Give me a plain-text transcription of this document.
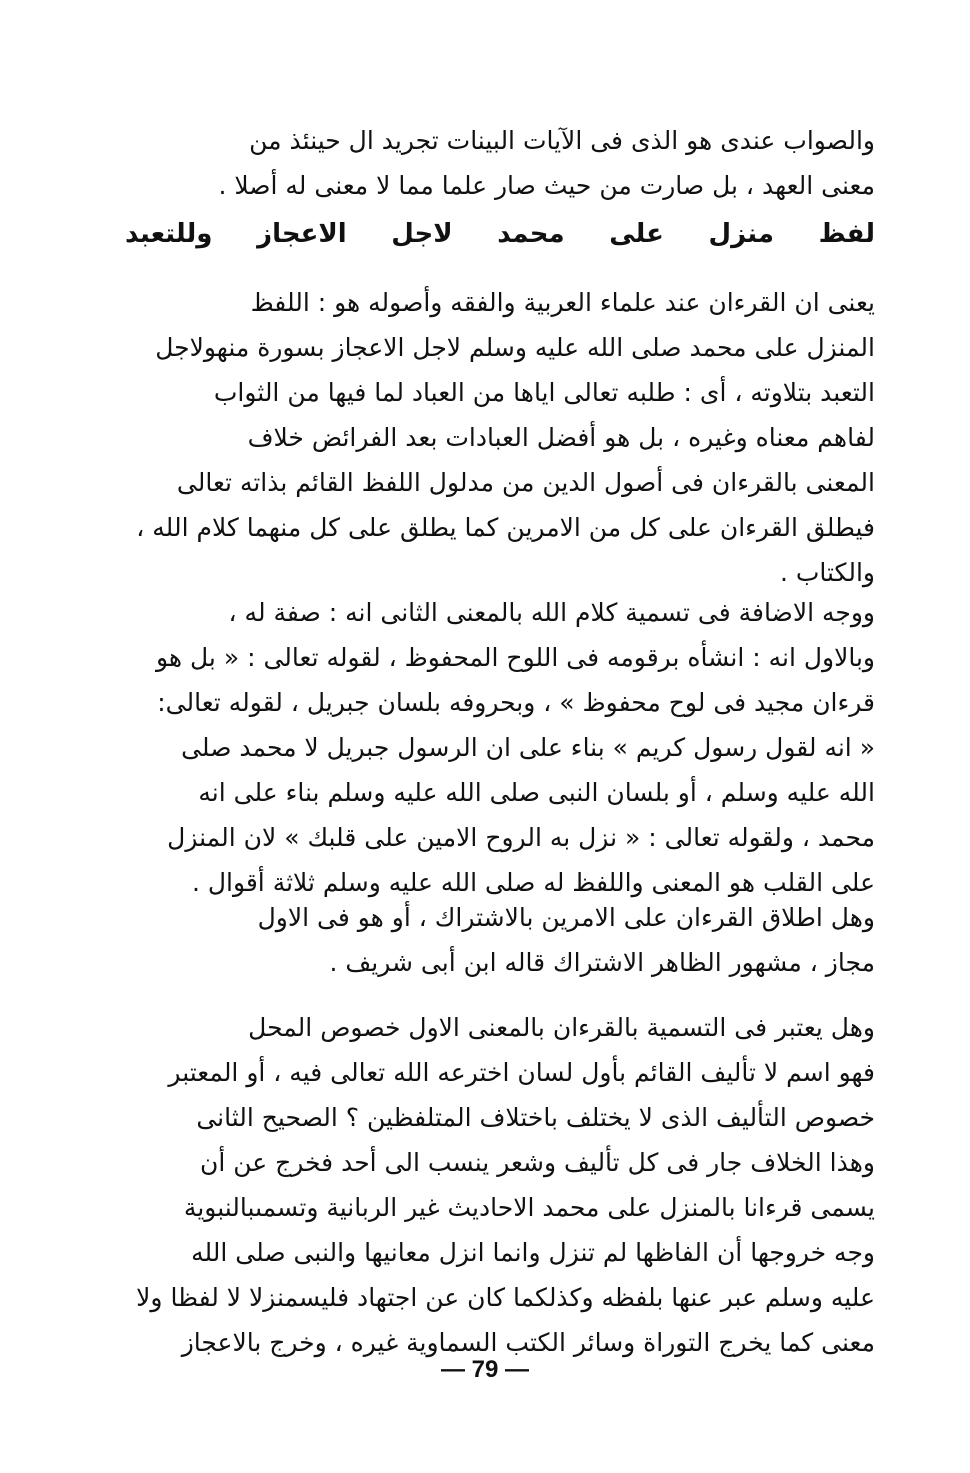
والصواب عندى هو الذى فى الآيات البينات تجريد ال حينئذ من
معنى العهد ، بل صارت من حيث صار علما مما لا معنى له أصلا .
لفظ منزل على محمد لاجل الاعجاز وللتعبد
يعنى ان القرءان عند علماء العربية والفقه وأصوله هو : اللفظ
المنزل على محمد صلى الله عليه وسلم لاجل الاعجاز بسورة منهولاجل
التعبد بتلاوته ، أى : طلبه تعالى اياها من العباد لما فيها من الثواب
لفاهم معناه وغيره ، بل هو أفضل العبادات بعد الفرائض خلاف
المعنى بالقرءان فى أصول الدين من مدلول اللفظ القائم بذاته تعالى
فيطلق القرءان على كل من الامرين كما يطلق على كل منهما كلام الله ،
والكتاب .
ووجه الاضافة فى تسمية كلام الله بالمعنى الثانى انه : صفة له ،
وبالاول انه : انشأه برقومه فى اللوح المحفوظ ، لقوله تعالى : « بل هو
قرءان مجيد فى لوح محفوظ » ، وبحروفه بلسان جبريل ، لقوله تعالى:
« انه لقول رسول كريم » بناء على ان الرسول جبريل لا محمد صلى
الله عليه وسلم ، أو بلسان النبى صلى الله عليه وسلم بناء على انه
محمد ، ولقوله تعالى : « نزل به الروح الامين على قلبك » لان المنزل
على القلب هو المعنى واللفظ له صلى الله عليه وسلم ثلاثة أقوال .
وهل اطلاق القرءان على الامرين بالاشتراك ، أو هو فى الاول
مجاز ، مشهور الظاهر الاشتراك قاله ابن أبى شريف .
وهل يعتبر فى التسمية بالقرءان بالمعنى الاول خصوص المحل
فهو اسم لا تأليف القائم بأول لسان اخترعه الله تعالى فيه ، أو المعتبر
خصوص التأليف الذى لا يختلف باختلاف المتلفظين ؟ الصحيح الثانى
وهذا الخلاف جار فى كل تأليف وشعر ينسب الى أحد فخرج عن أن
يسمى قرءانا بالمنزل على محمد الاحاديث غير الربانية وتسمىبالنبوية
وجه خروجها أن الفاظها لم تنزل وانما انزل معانيها والنبى صلى الله
عليه وسلم عبر عنها بلفظه وكذلكما كان عن اجتهاد فليسمنزلا لا لفظا ولا
معنى كما يخرج التوراة وسائر الكتب السماوية غيره ، وخرج بالاعجاز
— 79 —
